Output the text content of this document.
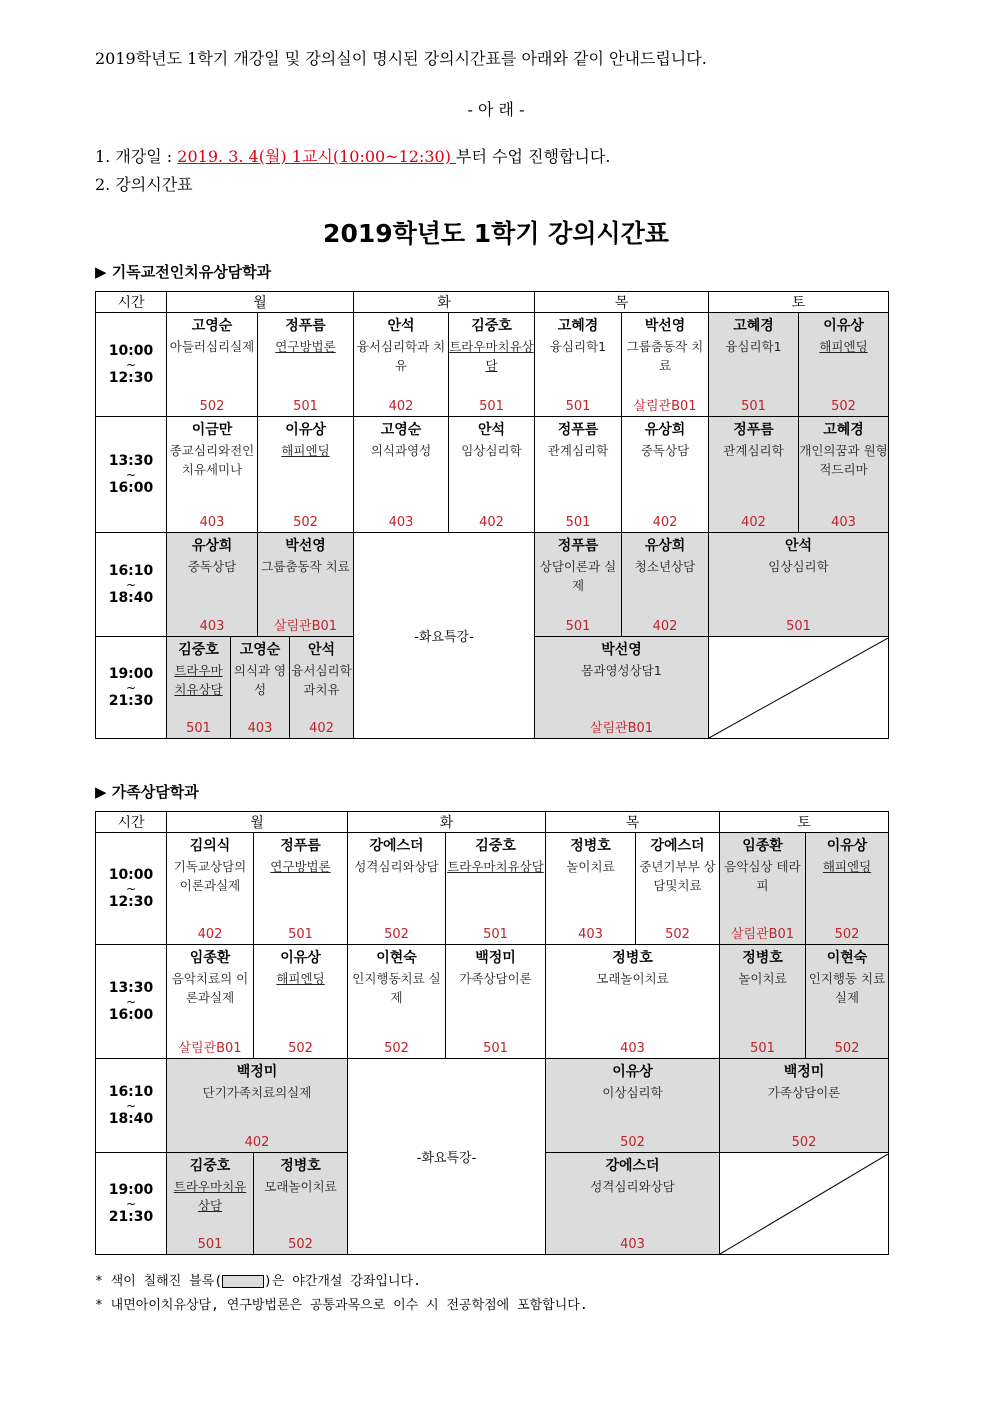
2019학년도 1학기 개강일 및 강의실이 명시된 강의시간표를 아래와 같이 안내드립니다.
- 아 래 -
1. 개강일 : 2019. 3. 4(월) 1교시(10:00~12:30) 부터 수업 진행합니다.
2. 강의시간표
2019학년도 1학기 강의시간표
▶ 기독교전인치유상담학과
시간	월				화		목		토	
10:00
~
12:30	고영순
아들러심리실제
502		정푸름
연구방법론
501		안석
융서심리학과 치유
402	김중호
트라우마치유상담
501	고혜경
융심리학1
501	박선영
그룹춤동작 치료
살림관B01	고혜경
융심리학1
501	이유상
해피엔딩
502

13:30
~
16:00	이금만
종교심리와전인 치유세미나
403		이유상
해피엔딩
502		고영순
의식과영성
403	안석
임상심리학
402	정푸름
관계심리학
501	유상희
중독상담
402	정푸름
관계심리학
402	고혜경
개인의꿈과 원형적드리마
403

16:10
~
18:40	유상희
중독상담
403		박선영
그룹춤동작 치료
살림관B01		-화요특강-		정푸름
상담이론과 실제
501	유상희
청소년상담
402	안석
임상심리학
501	

19:00
~
21:30	김중호
트라우마 치유상담
501	고영순
의식과 영성
403		안석
융서심리학 과치유
402			박선영
몸과영성상담1
살림관B01

▶ 가족상담학과
시간	월		화		목		토	
10:00
~
12:30	김의식
기독교상담의 이론과실제
402	정푸름
연구방법론
501	강에스더
성격심리와상담
502	김중호
트라우마치유상담
501	정병호
놀이치료
403	강에스더
중년기부부 상담및치료
502	임종환
음악심상 테라피
살림관B01	이유상
해피엔딩
502

13:30
~
16:00	임종환
음악치료의 이론과실제
살림관B01	이유상
해피엔딩
502	이현숙
인지행동치료 실제
502	백정미
가족상담이론
501	정병호
모래놀이치료
403		정병호
놀이치료
501	이현숙
인지행동 치료실제
502

16:10
~
18:40	백정미
단기가족치료의실제
402		-화요특강-		이유상
이상심리학
502		백정미
가족상담이론
502	

19:00
~
21:30	김중호
트라우마치유 상담
501	정병호
모래놀이치료
502			강에스더
성격심리와상담
403

* 색이 칠해진 블록(	)은 야간개설 강좌입니다.
* 내면아이치유상담, 연구방법론은 공통과목으로 이수 시 전공학점에 포함합니다.
